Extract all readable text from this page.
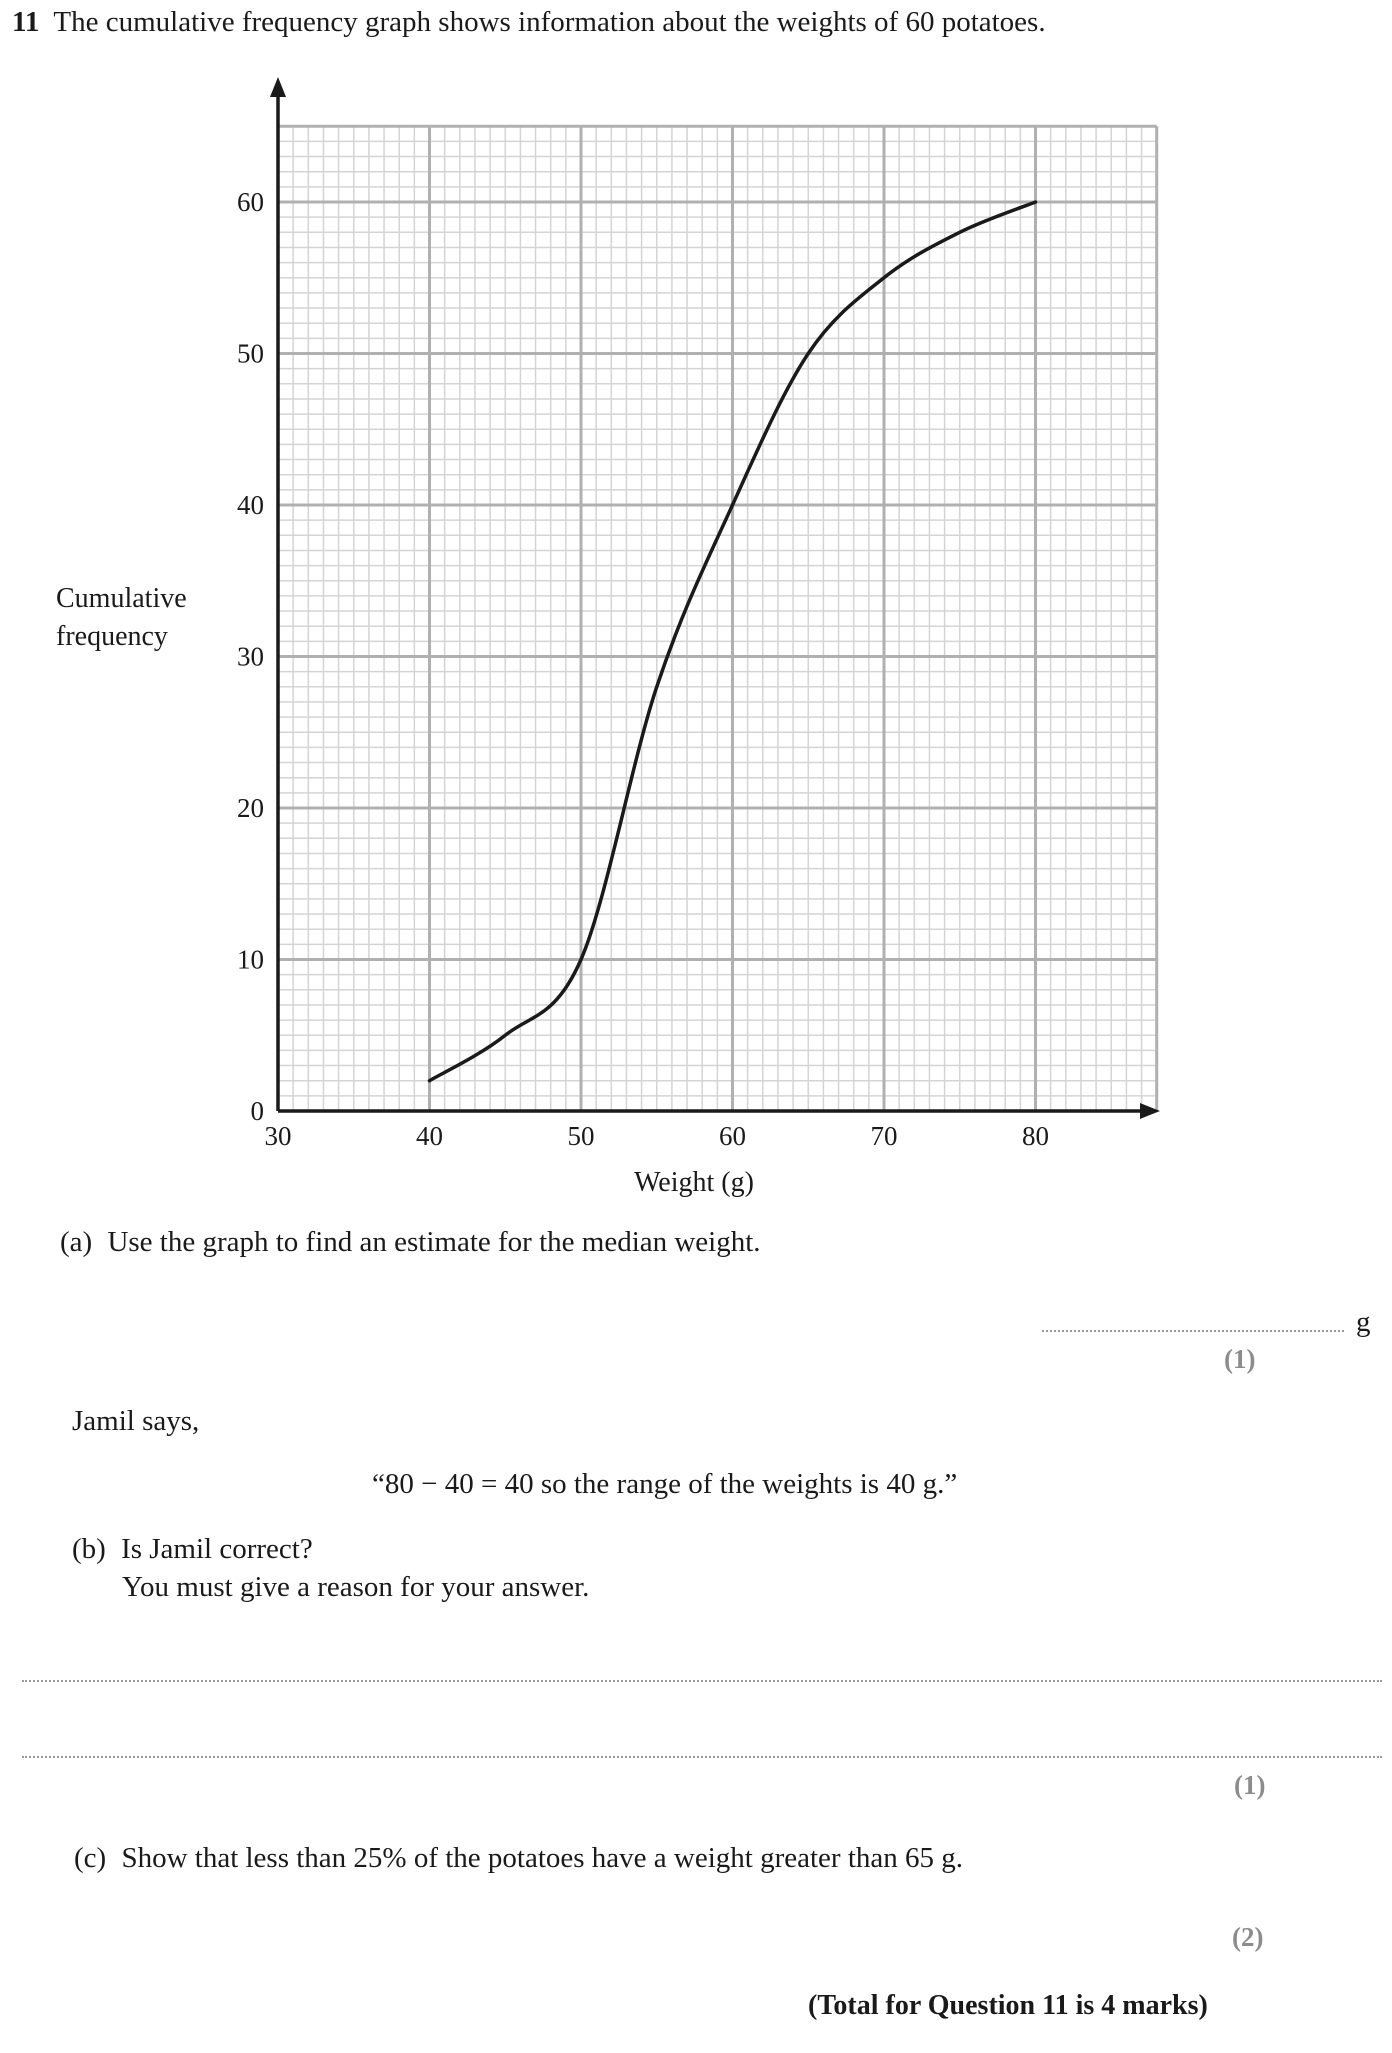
11 The cumulative frequency graph shows information about the weights of 60 potatoes.
30	40	50	60	70	80
0
10
20
30
40
50
60
Weight (g)
Cumulative
frequency
(a) Use the graph to find an estimate for the median weight.
g
(1)
Jamil says,
“80 − 40 = 40 so the range of the weights is 40 g.”
(b) Is Jamil correct?
You must give a reason for your answer.
(1)
(c) Show that less than 25% of the potatoes have a weight greater than 65 g.
(2)
(Total for Question 11 is 4 marks)
